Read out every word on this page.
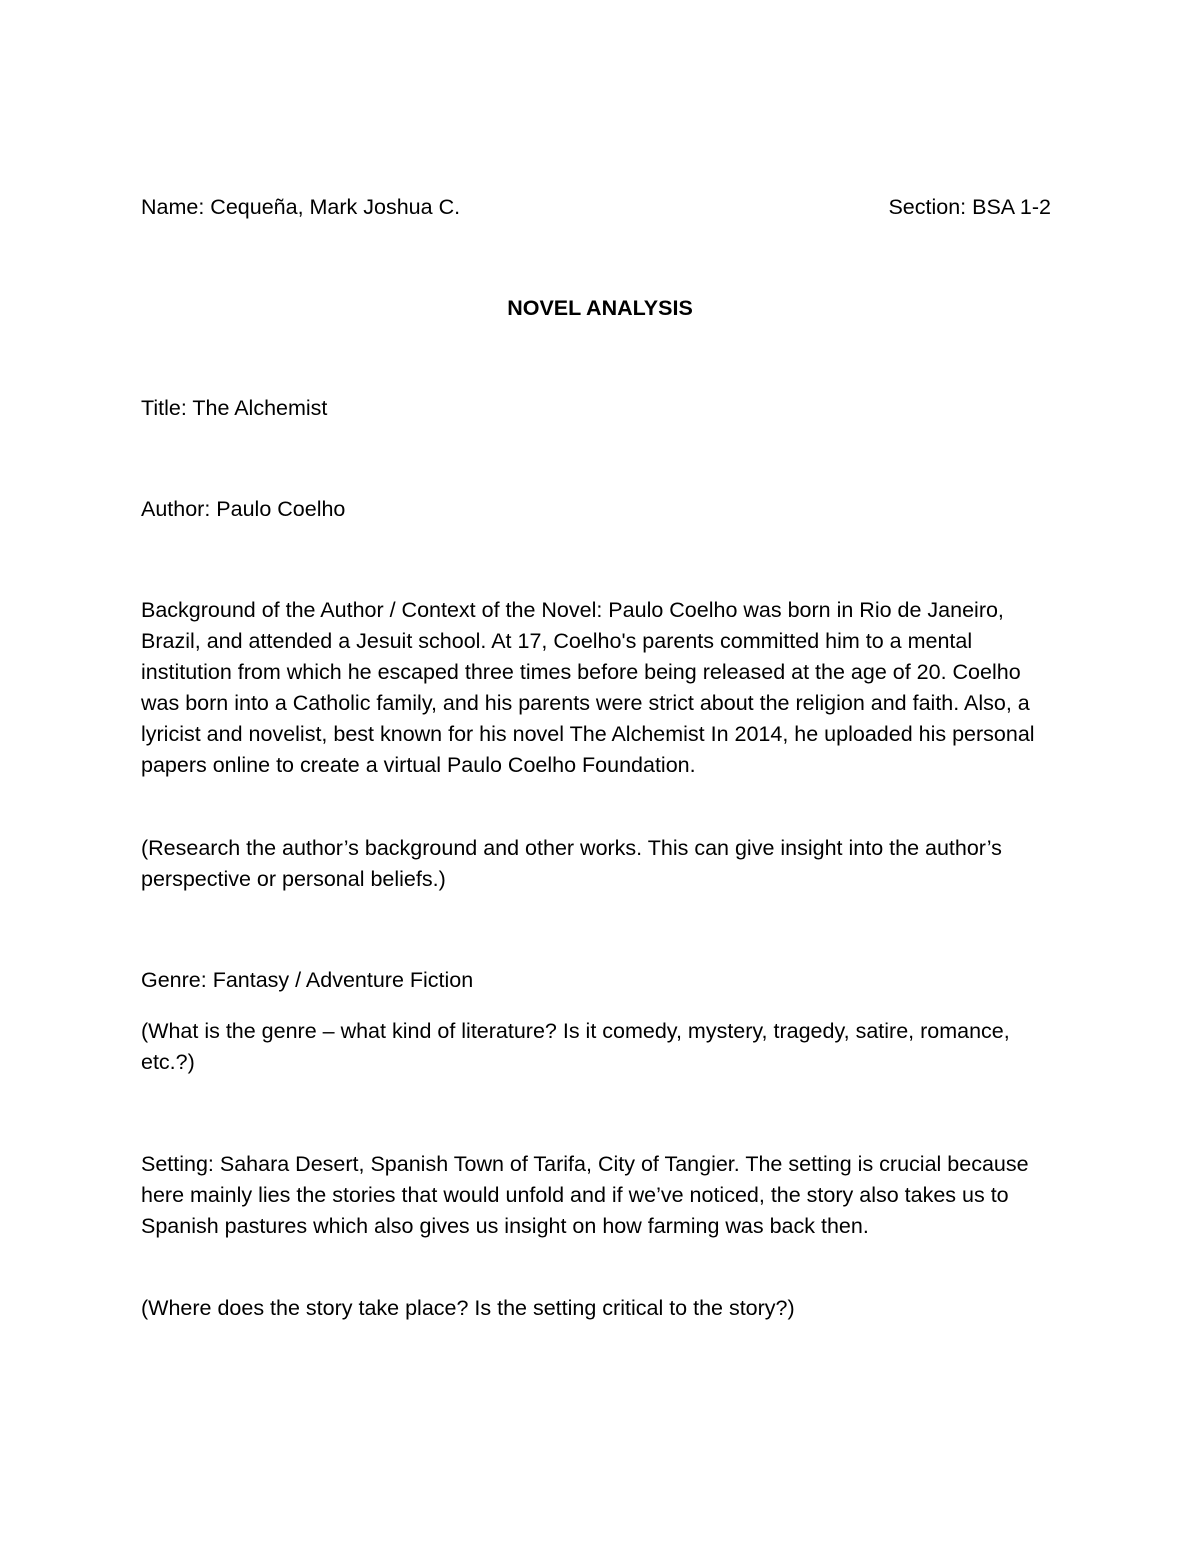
Name: Cequeña, Mark Joshua C.	Section: BSA 1-2
NOVEL ANALYSIS

Title: The Alchemist

Author: Paulo Coelho

Background of the Author / Context of the Novel: Paulo Coelho was born in Rio de Janeiro, Brazil, and attended a Jesuit school. At 17, Coelho's parents committed him to a mental institution from which he escaped three times before being released at the age of 20. Coelho was born into a Catholic family, and his parents were strict about the religion and faith. Also, a lyricist and novelist, best known for his novel The Alchemist In 2014, he uploaded his personal papers online to create a virtual Paulo Coelho Foundation.

(Research the author’s background and other works. This can give insight into the author’s perspective or personal beliefs.)

Genre: Fantasy / Adventure Fiction

(What is the genre – what kind of literature? Is it comedy, mystery, tragedy, satire, romance, etc.?)

Setting: Sahara Desert, Spanish Town of Tarifa, City of Tangier. The setting is crucial because here mainly lies the stories that would unfold and if we’ve noticed, the story also takes us to Spanish pastures which also gives us insight on how farming was back then.

(Where does the story take place? Is the setting critical to the story?)
